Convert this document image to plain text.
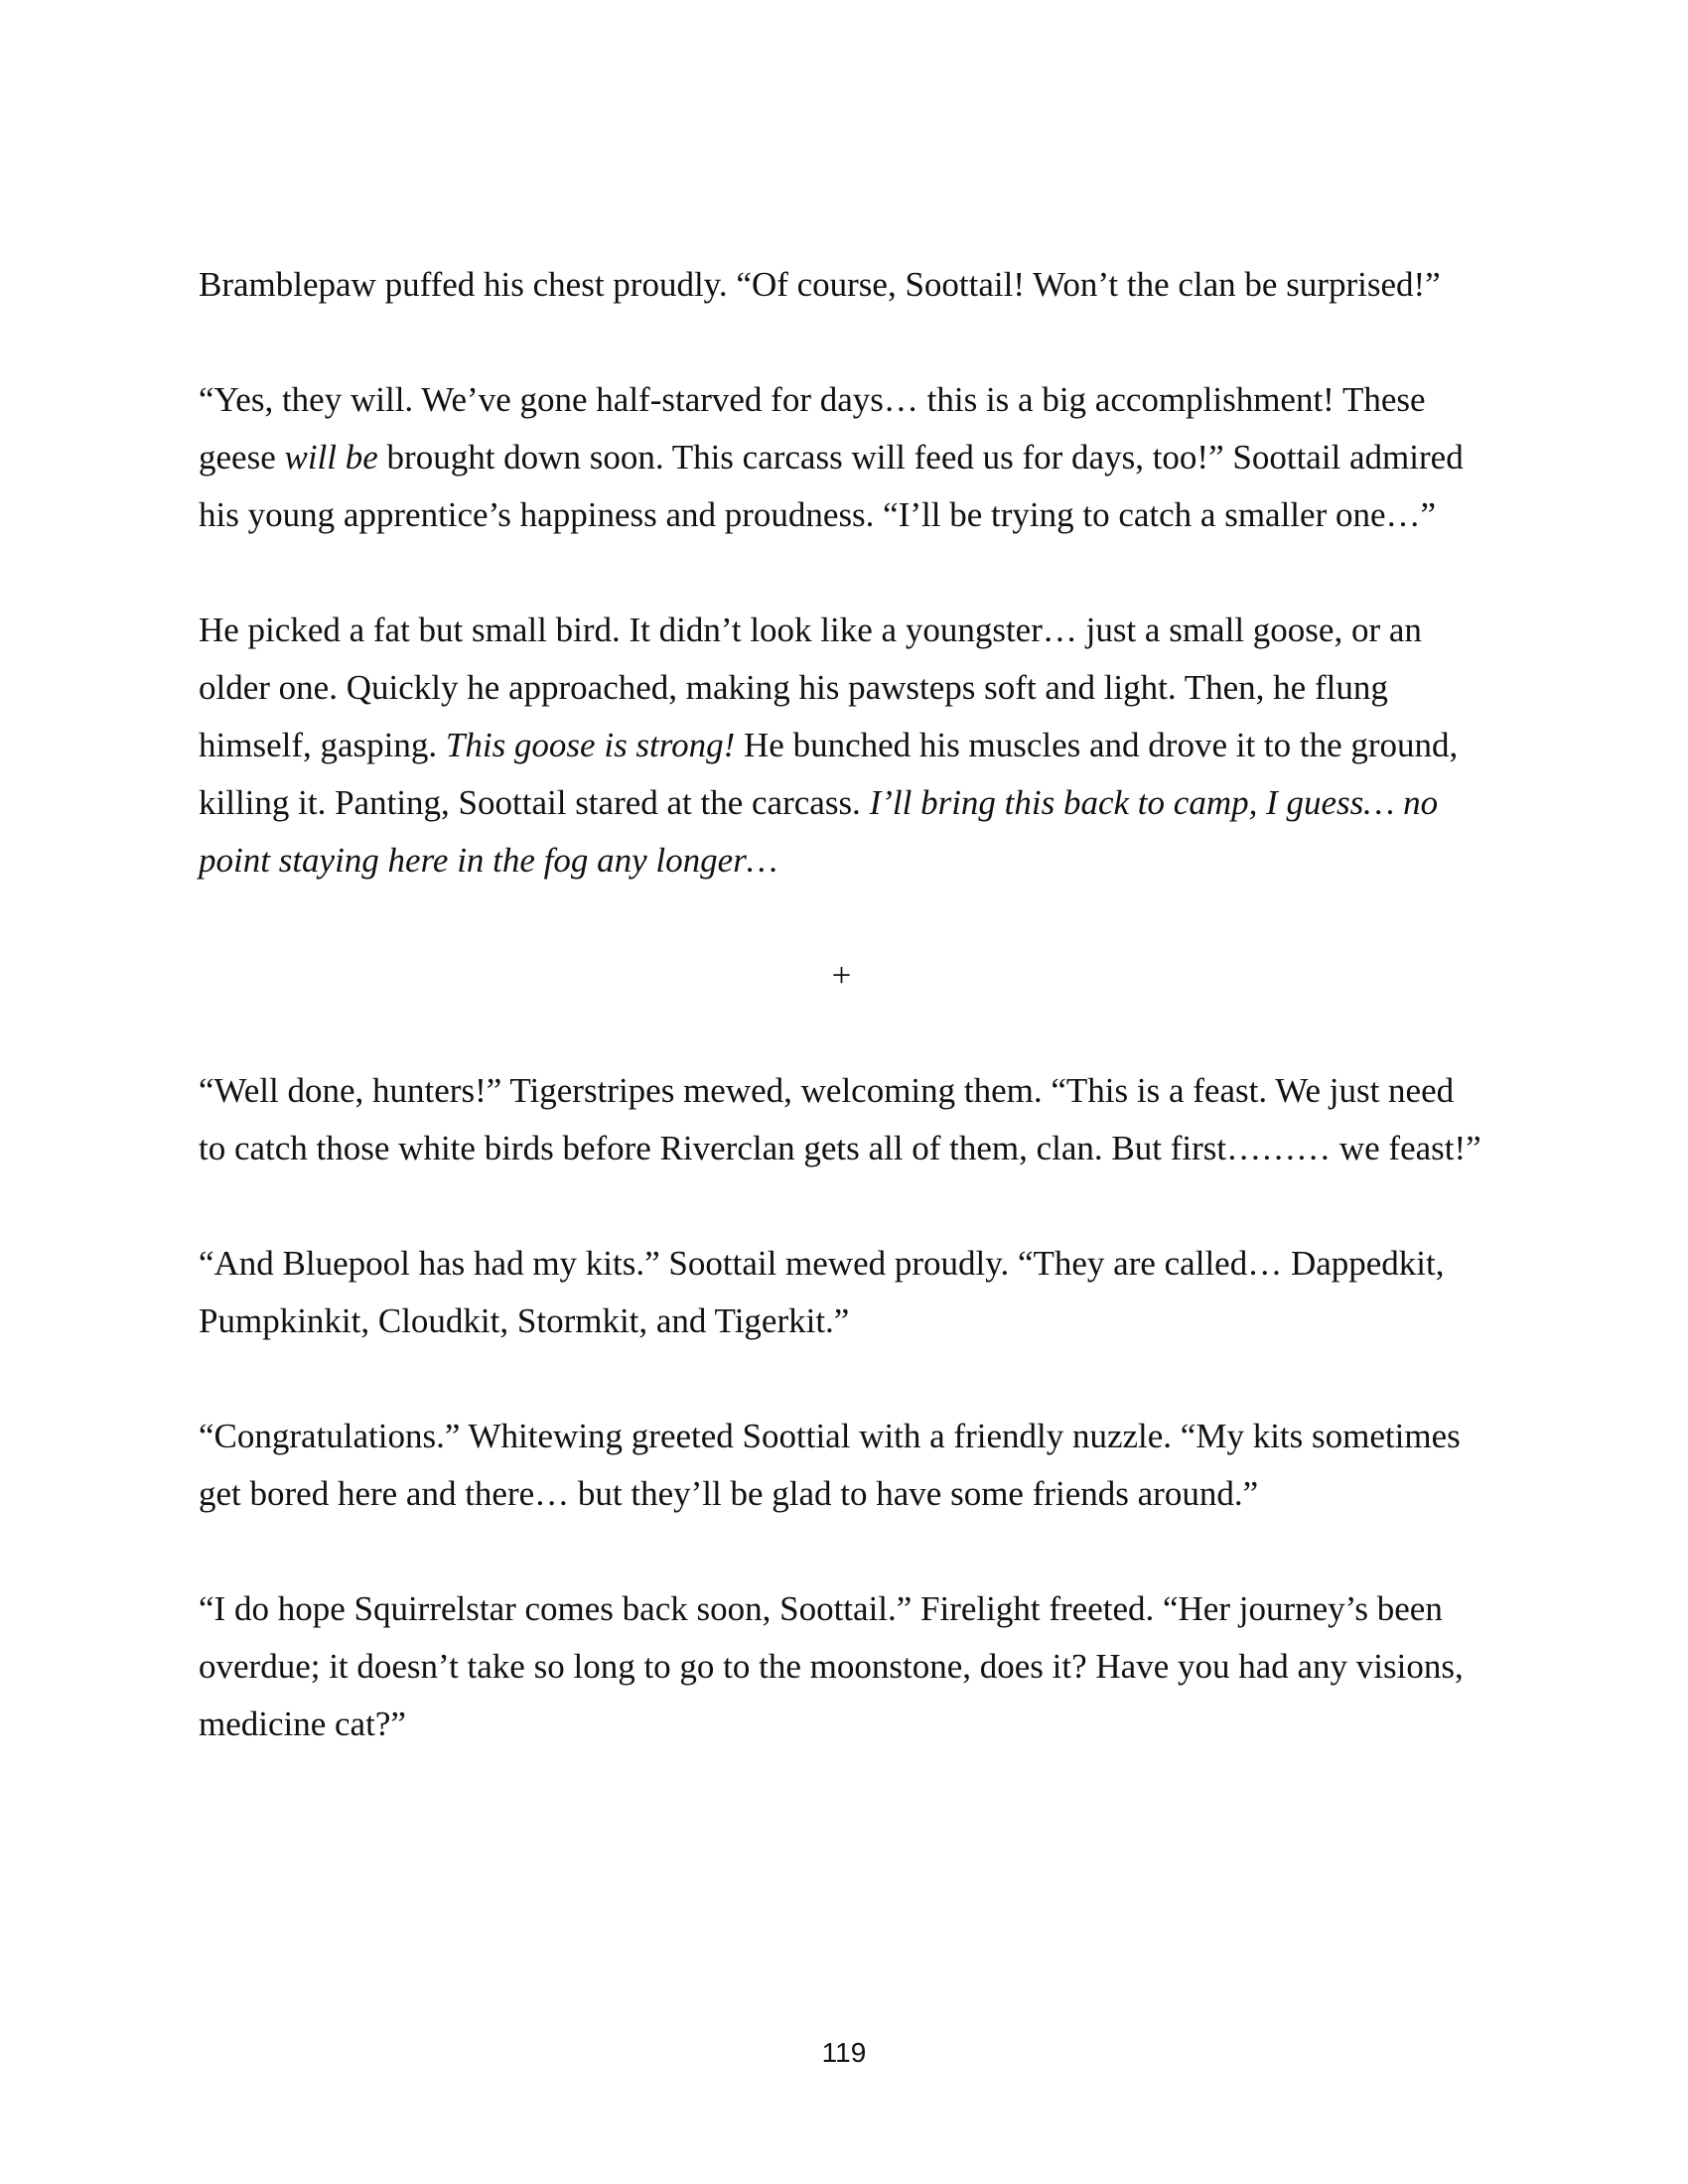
Bramblepaw puffed his chest proudly. “Of course, Soottail! Won’t the clan be surprised!”

“Yes, they will. We’ve gone half-starved for days… this is a big accomplishment! These geese will be brought down soon. This carcass will feed us for days, too!” Soottail admired his young apprentice’s happiness and proudness. “I’ll be trying to catch a smaller one…”

He picked a fat but small bird. It didn’t look like a youngster… just a small goose, or an older one. Quickly he approached, making his pawsteps soft and light. Then, he flung himself, gasping. This goose is strong! He bunched his muscles and drove it to the ground, killing it. Panting, Soottail stared at the carcass. I’ll bring this back to camp, I guess… no point staying here in the fog any longer…

+

“Well done, hunters!” Tigerstripes mewed, welcoming them. “This is a feast. We just need to catch those white birds before Riverclan gets all of them, clan. But first……… we feast!”

“And Bluepool has had my kits.” Soottail mewed proudly. “They are called… Dappedkit, Pumpkinkit, Cloudkit, Stormkit, and Tigerkit.”

“Congratulations.” Whitewing greeted Soottial with a friendly nuzzle. “My kits sometimes get bored here and there… but they’ll be glad to have some friends around.”

“I do hope Squirrelstar comes back soon, Soottail.” Firelight freeted. “Her journey’s been overdue; it doesn’t take so long to go to the moonstone, does it? Have you had any visions, medicine cat?”

119
